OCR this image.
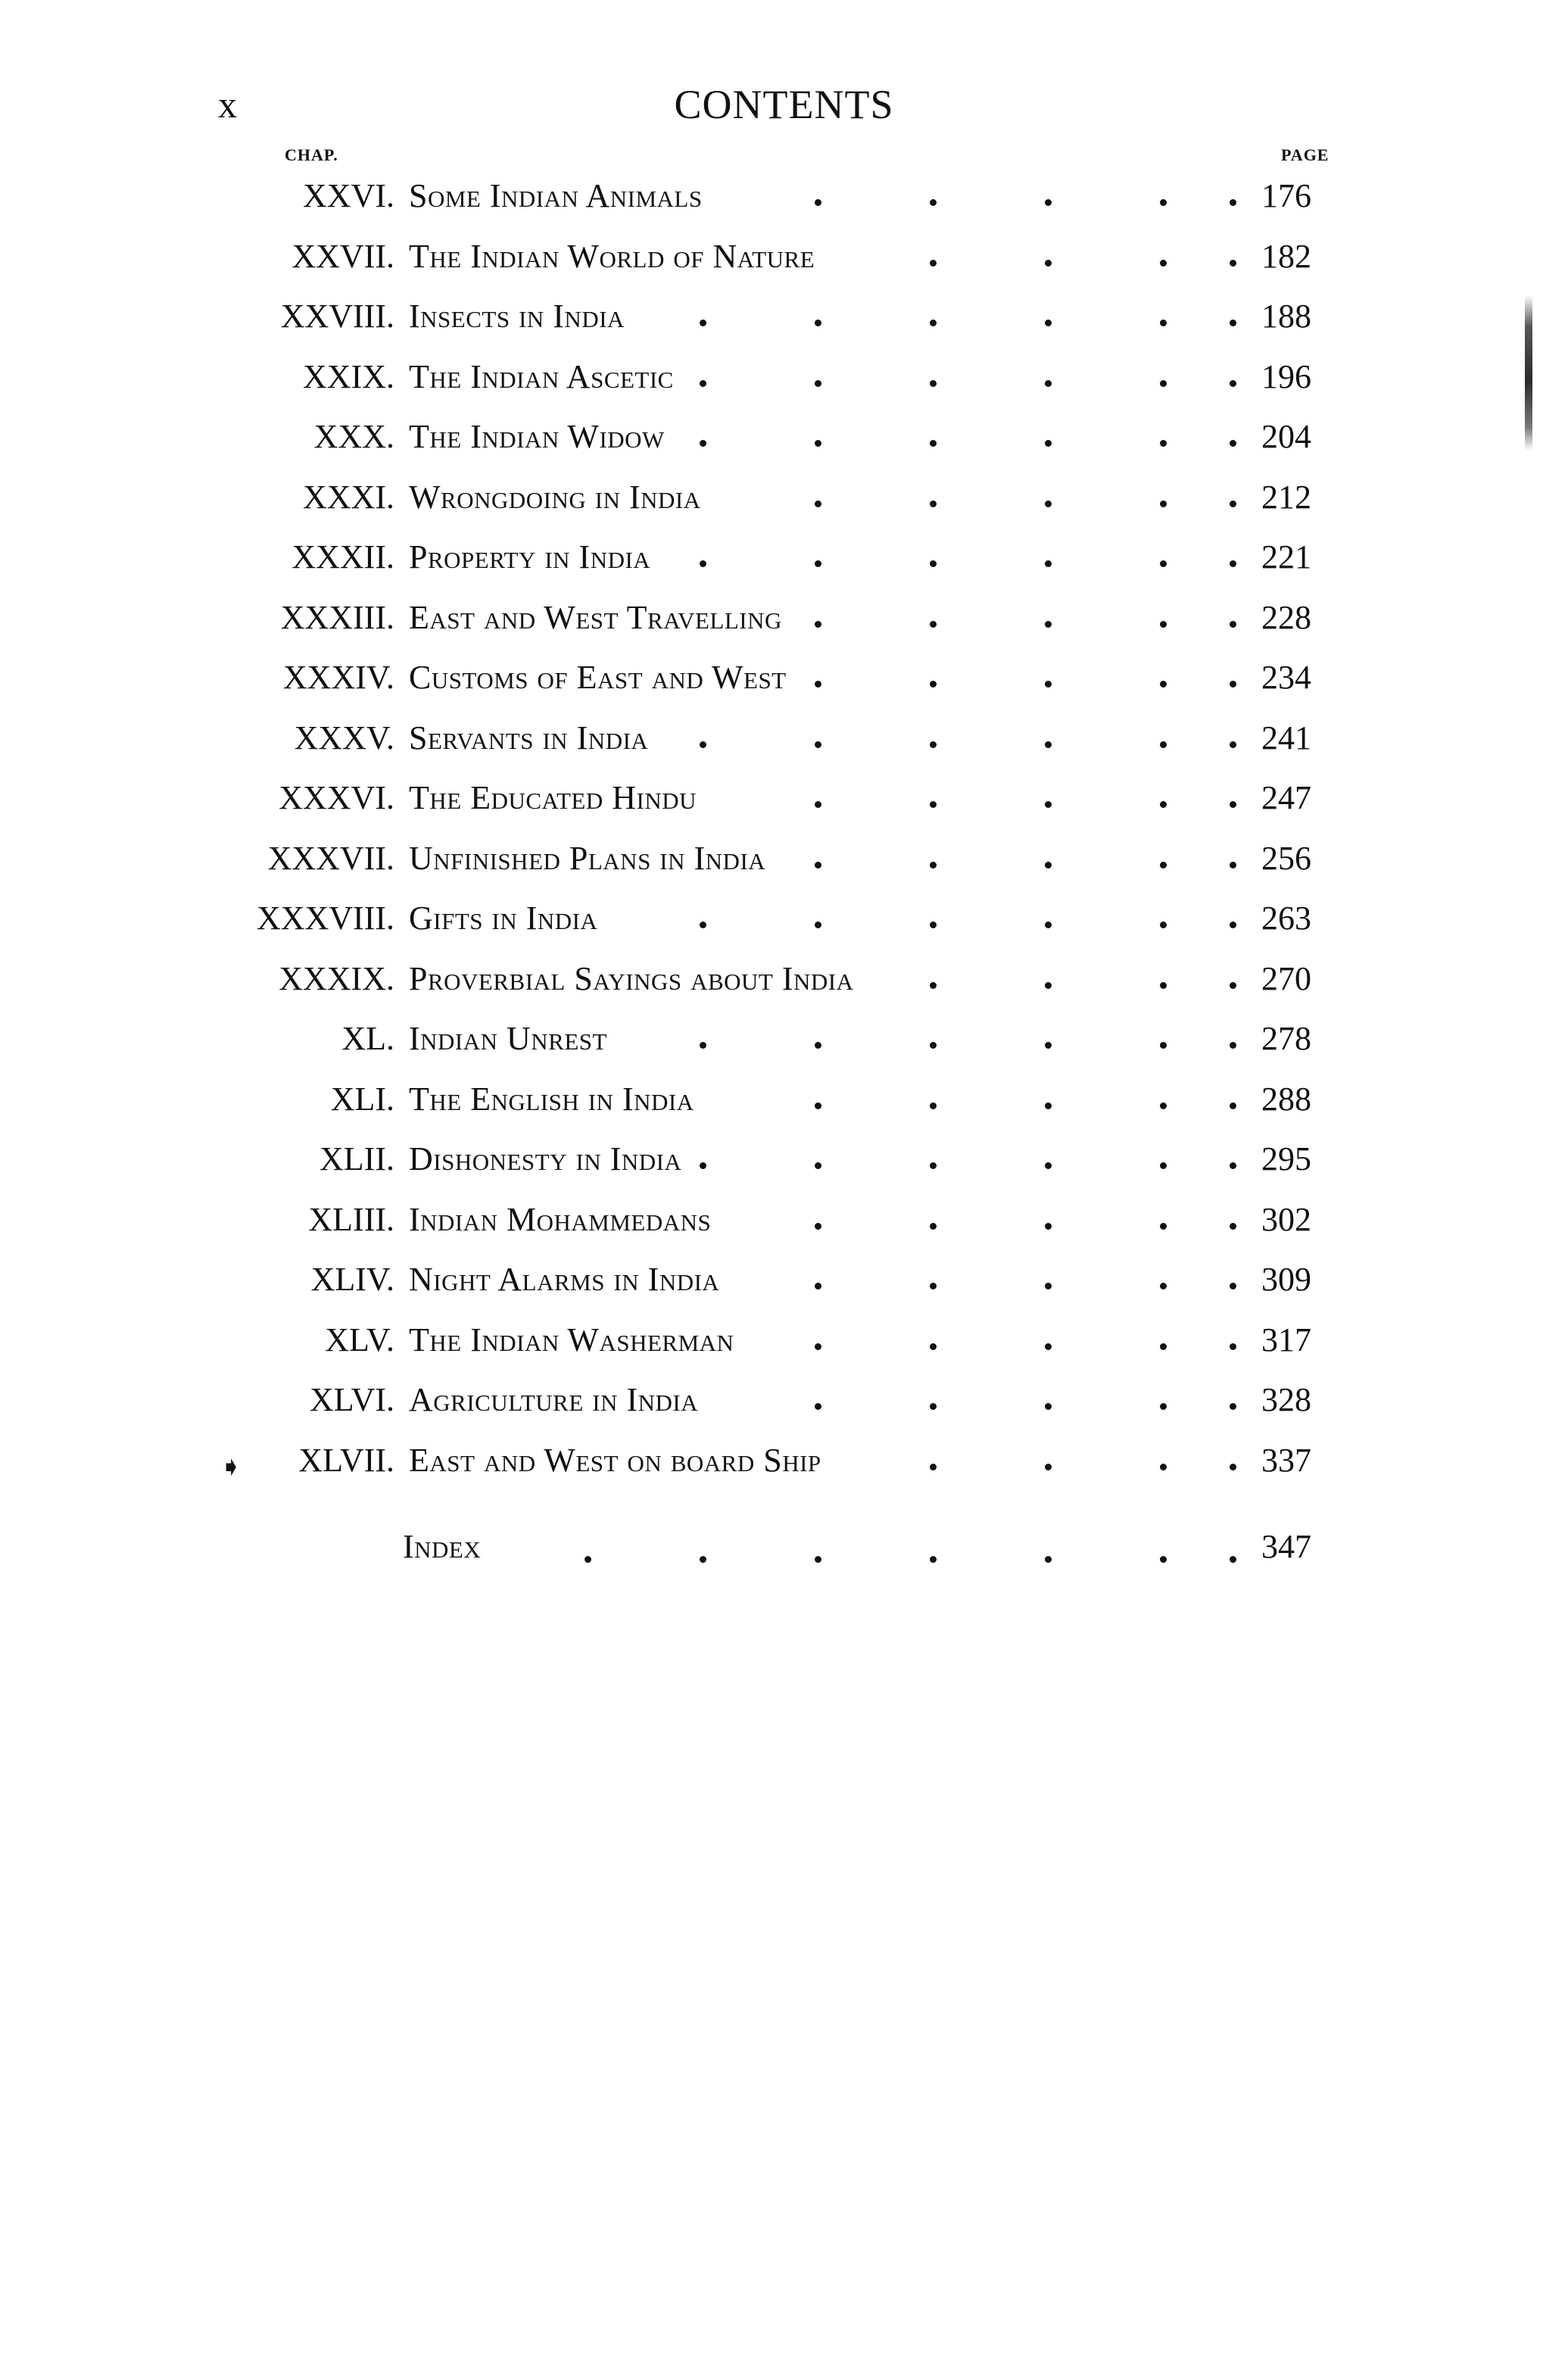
x	CONTENTS
CHAP.	PAGE
XXVI. Some Indian Animals	176
XXVII. The Indian World of Nature	182
XXVIII. Insects in India	188
XXIX. The Indian Ascetic	196
XXX. The Indian Widow	204
XXXI. Wrongdoing in India	212
XXXII. Property in India	221
XXXIII. East and West Travelling	228
XXXIV. Customs of East and West	234
XXXV. Servants in India	241
XXXVI. The Educated Hindu	247
XXXVII. Unfinished Plans in India	256
XXXVIII. Gifts in India	263
XXXIX. Proverbial Sayings about India	270
XL. Indian Unrest	278
XLI. The English in India	288
XLII. Dishonesty in India	295
XLIII. Indian Mohammedans	302
XLIV. Night Alarms in India	309
XLV. The Indian Washerman	317
XLVI. Agriculture in India	328
XLVII. East and West on board Ship	337
➧
Index	347
